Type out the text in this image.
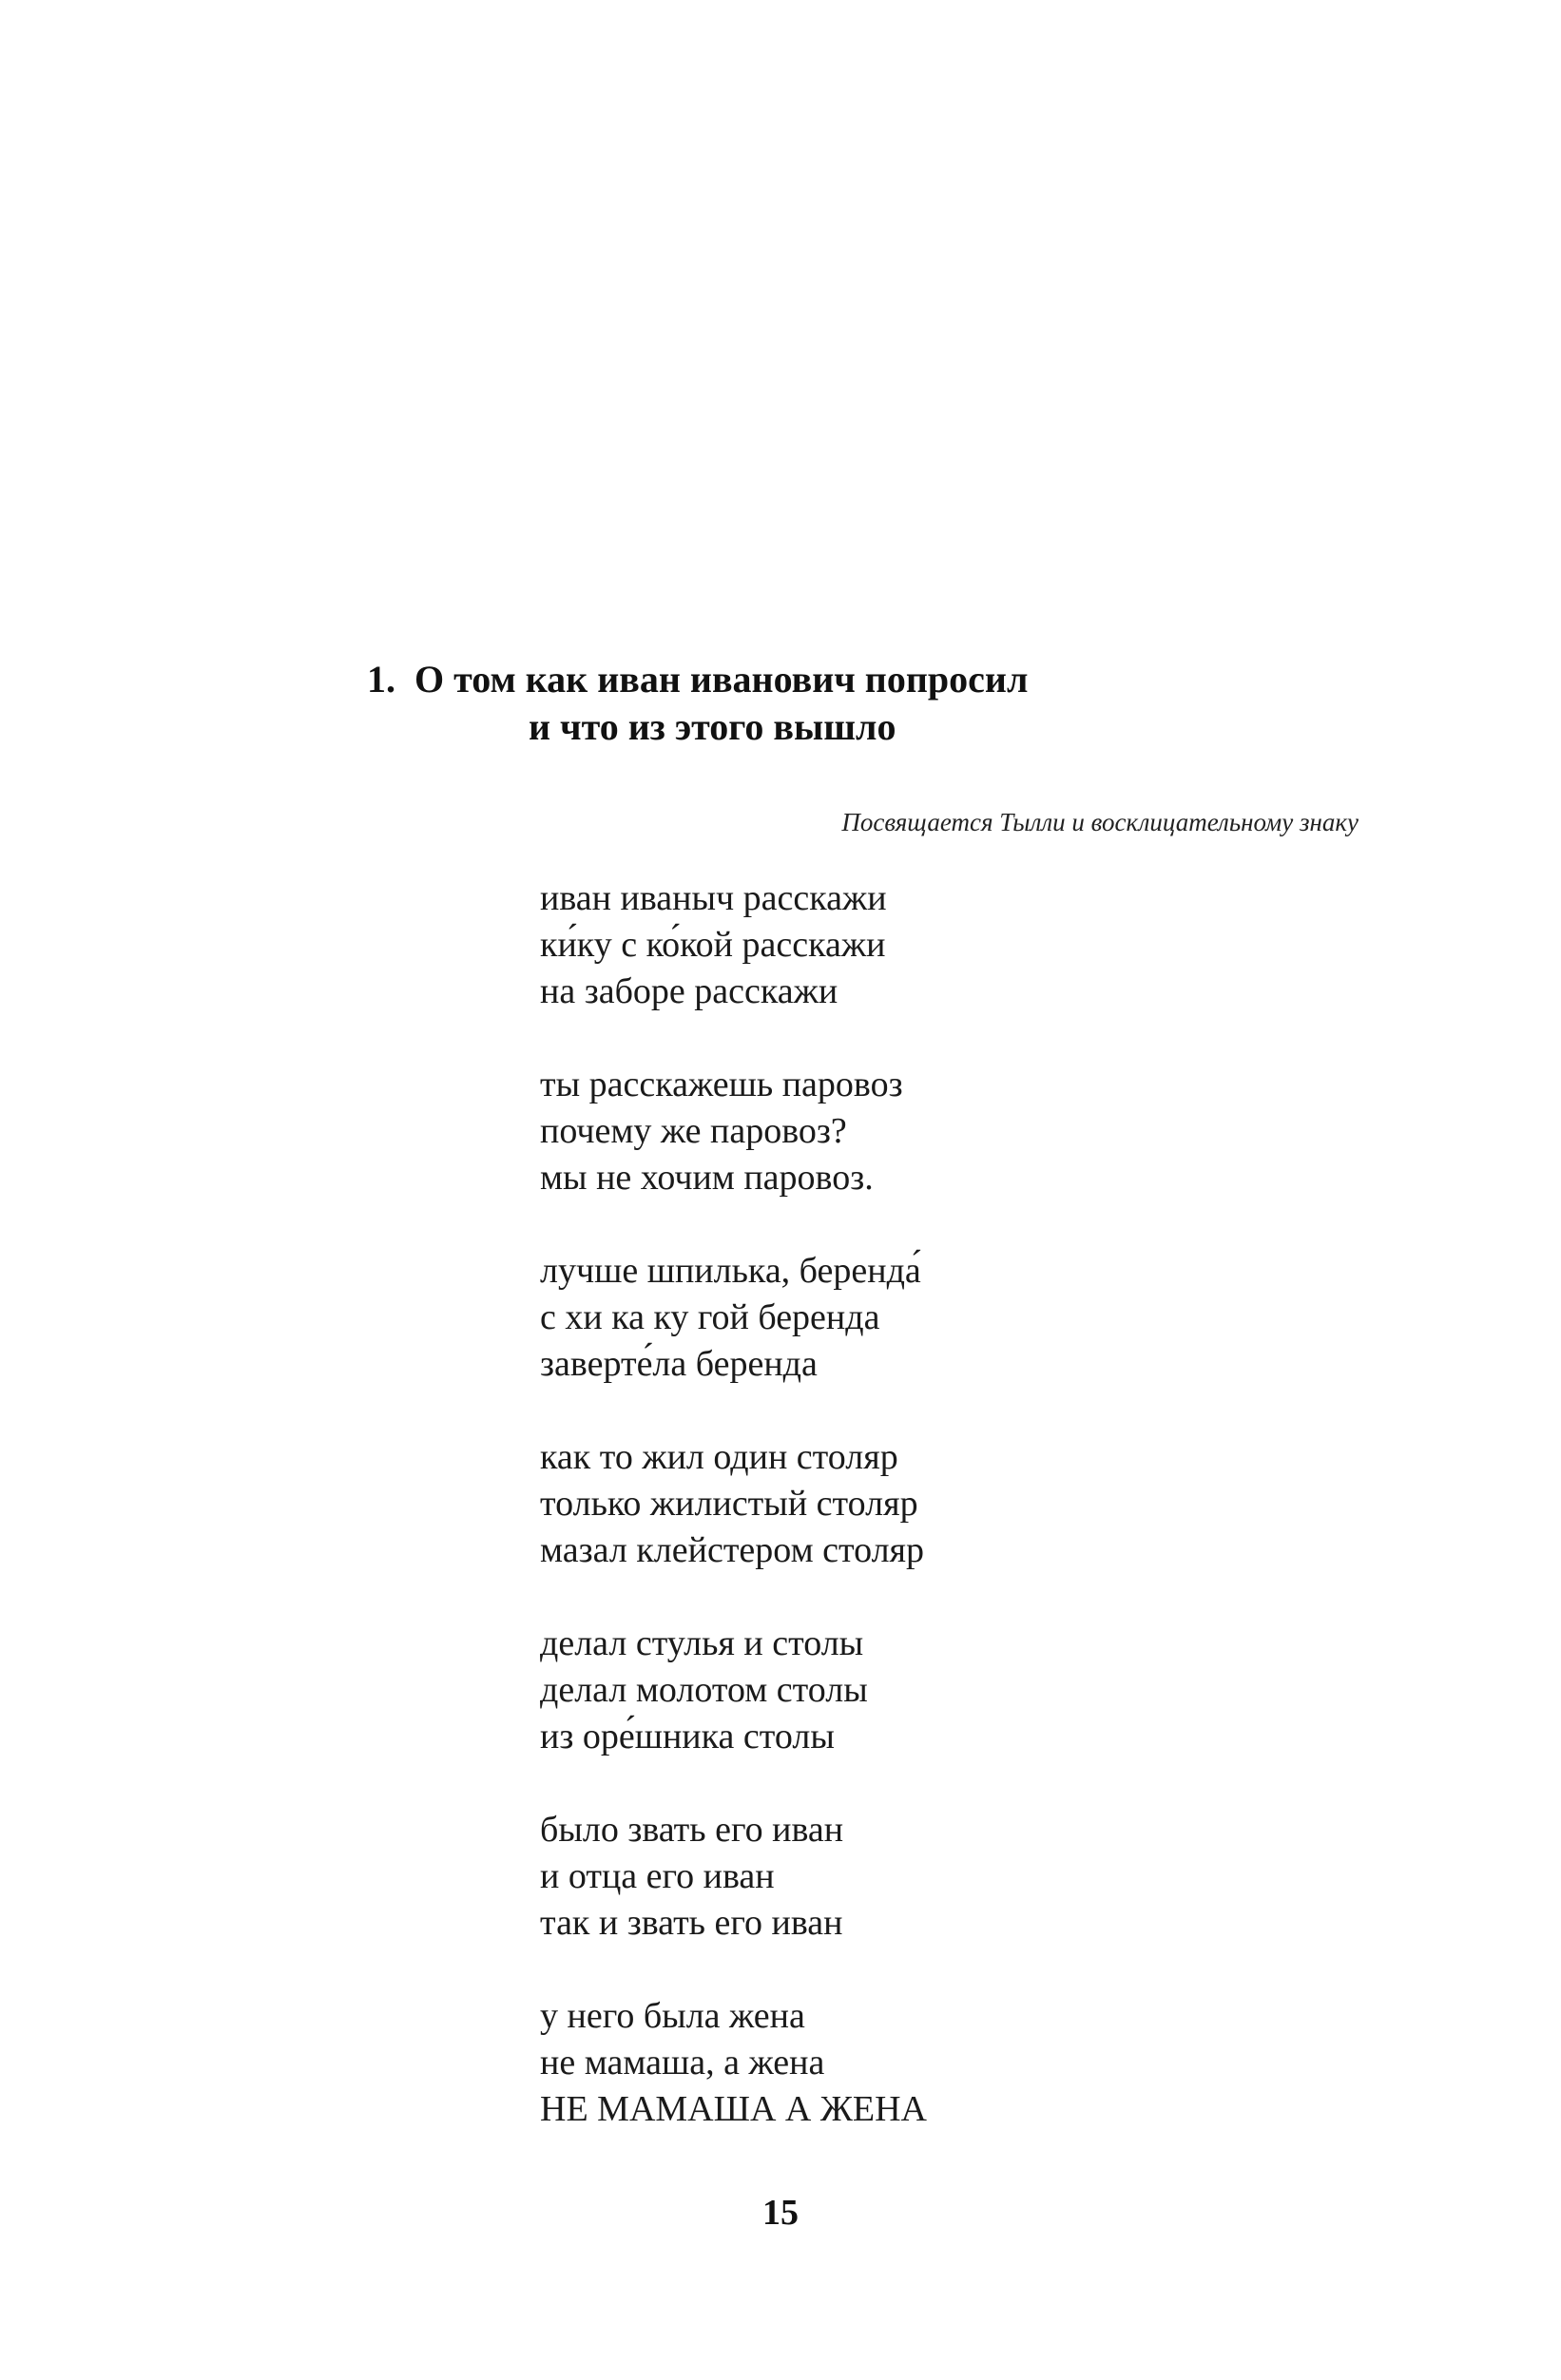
1. О том как иван иванович попросил
и что из этого вышло
Посвящается Тылли и восклицательному знаку
иван иваныч расскажи
ки́ку с ко́кой расскажи
на заборе расскажи
ты расскажешь паровоз
почему же паровоз?
мы не хочим паровоз.
лучше шпилька, беренда́
с хи ка ку гой беренда
заверте́ла беренда
как то жил один столяр
только жилистый столяр
мазал клейстером столяр
делал стулья и столы
делал молотом столы
из оре́шника столы
было звать его иван
и отца его иван
так и звать его иван
у него была жена
не мамаша, а жена
НЕ МАМАША А ЖЕНА
15
